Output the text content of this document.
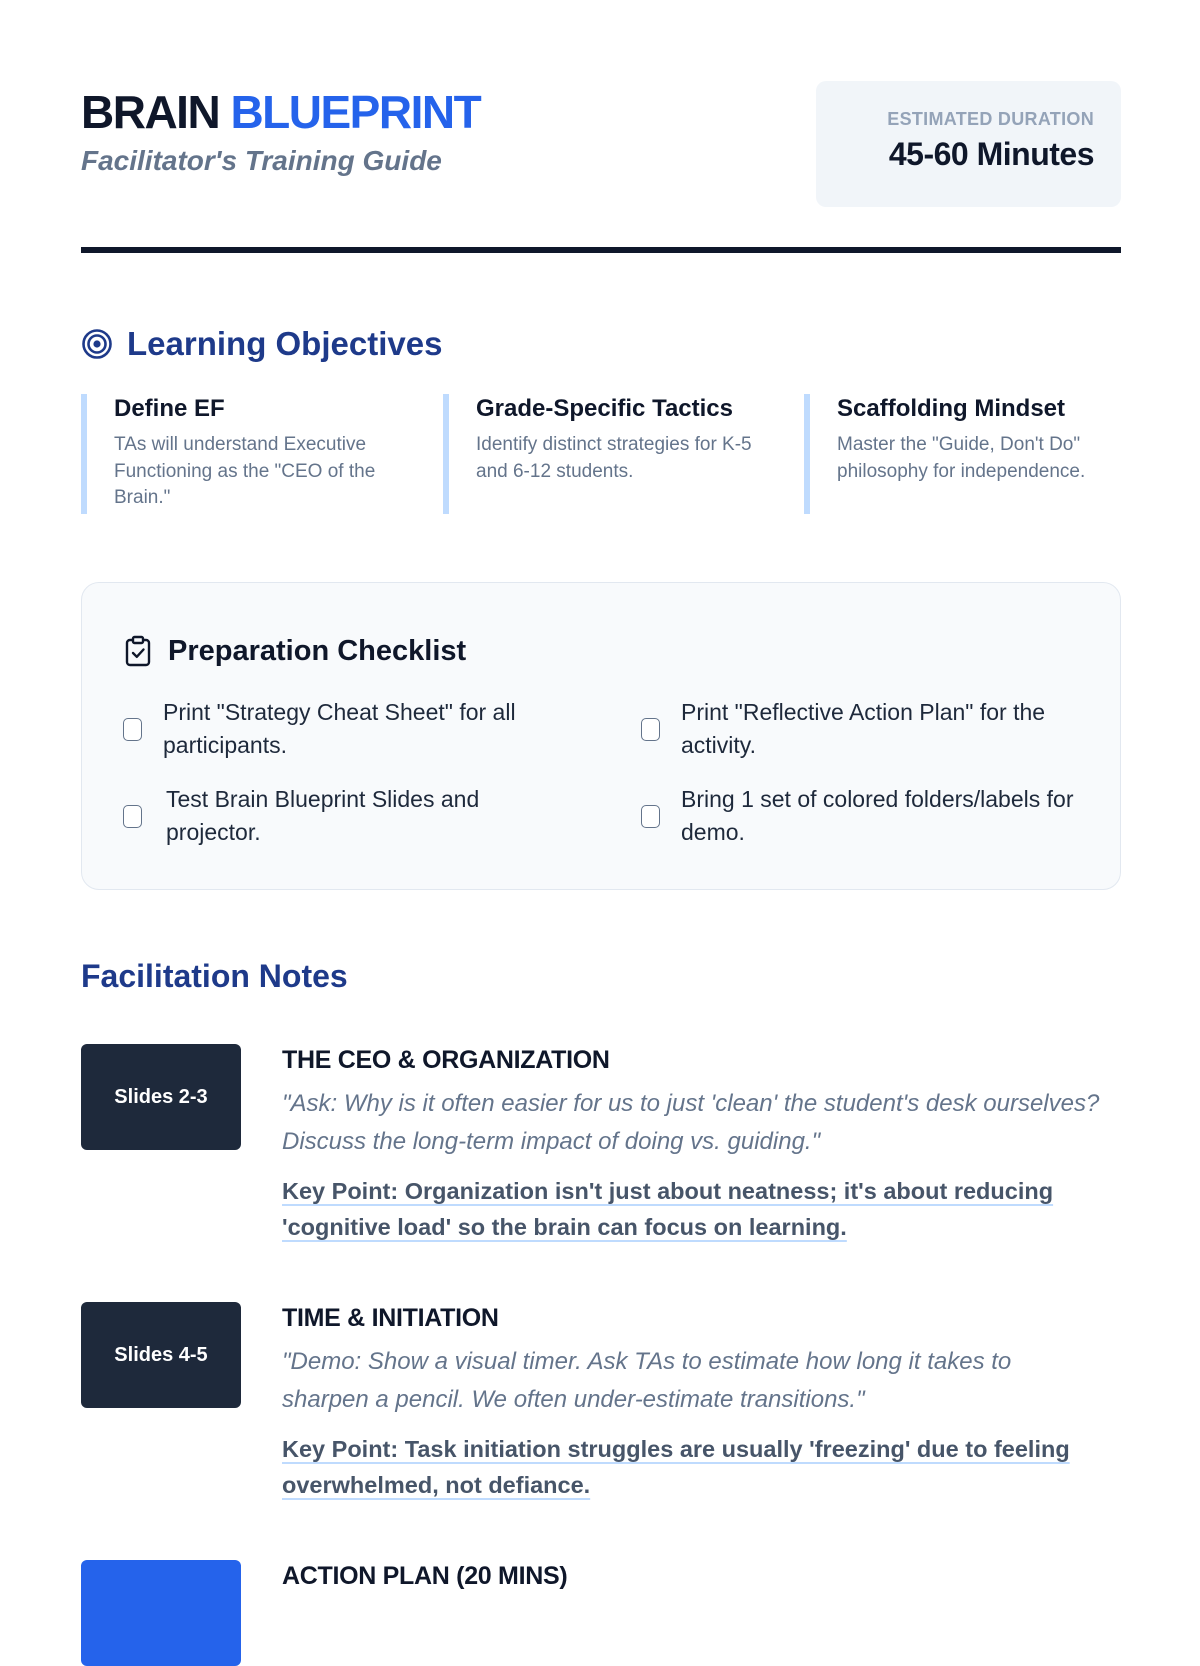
BRAIN BLUEPRINT
Facilitator's Training Guide
ESTIMATED DURATION
45-60 Minutes
Learning Objectives
Define EF
TAs will understand Executive Functioning as the "CEO of the Brain."
Grade-Specific Tactics
Identify distinct strategies for K-5 and 6-12 students.
Scaffolding Mindset
Master the "Guide, Don't Do" philosophy for independence.
Preparation Checklist
Print "Strategy Cheat Sheet" for all participants.
Print "Reflective Action Plan" for the activity.
Test Brain Blueprint Slides and projector.
Bring 1 set of colored folders/labels for demo.
Facilitation Notes
Slides 2-3
THE CEO & ORGANIZATION
"Ask: Why is it often easier for us to just 'clean' the student's desk ourselves? Discuss the long-term impact of doing vs. guiding."
Key Point: Organization isn't just about neatness; it's about reducing 'cognitive load' so the brain can focus on learning.
Slides 4-5
TIME & INITIATION
"Demo: Show a visual timer. Ask TAs to estimate how long it takes to sharpen a pencil. We often under-estimate transitions."
Key Point: Task initiation struggles are usually 'freezing' due to feeling overwhelmed, not defiance.
ACTION PLAN (20 MINS)
